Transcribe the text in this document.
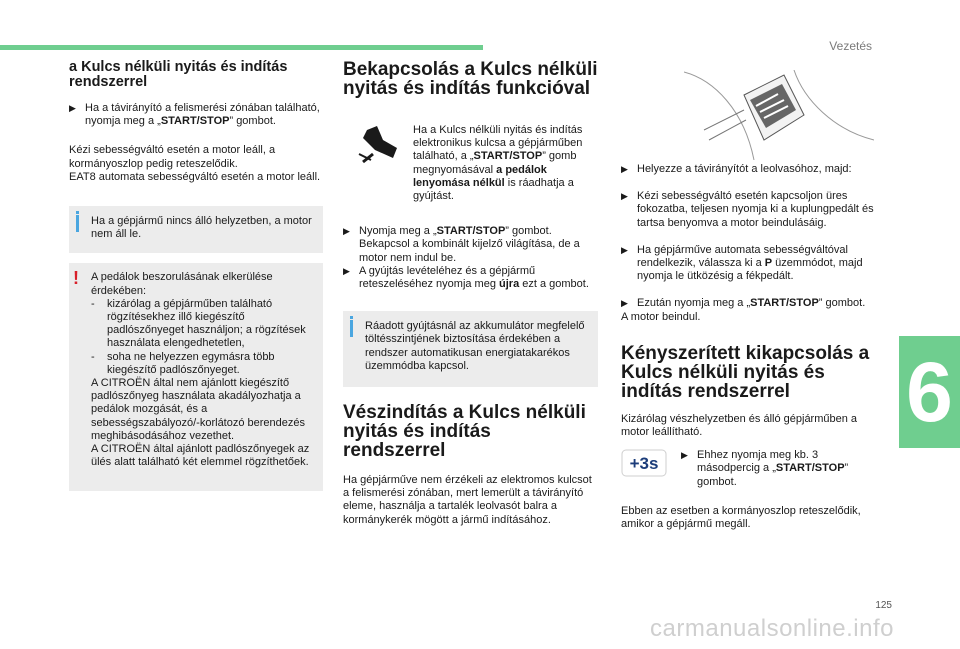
Vezetés
6
a Kulcs nélküli nyitás és indítás rendszerrel
▶ Ha a távirányító a felismerési zónában található, nyomja meg a „START/STOP” gombot.

Kézi sebességváltó esetén a motor leáll, a kormányoszlop pedig reteszelődik.

EAT8 automata sebességváltó esetén a motor leáll.

Ha a gépjármű nincs álló helyzetben, a motor nem áll le.

! A pedálok beszorulásának elkerülése érdekében:

-	kizárólag a gépjárműben található rögzítésekhez illő kiegészítő padlószőnyeget használjon; a rögzítések használata elengedhetetlen,
-	soha ne helyezzen egymásra több kiegészítő padlószőnyeget.

A CITROËN által nem ajánlott kiegészítő padlószőnyeg használata akadályozhatja a pedálok mozgását, és a sebességszabályozó/-korlátozó berendezés meghibásodásához vezethet.

A CITROËN által ajánlott padlószőnyegek az ülés alatt található két elemmel rögzíthetőek.

Bekapcsolás a Kulcs nélküli nyitás és indítás funkcióval

Ha a Kulcs nélküli nyitás és indítás elektronikus kulcsa a gépjárműben található, a „START/STOP” gomb megnyomásával a pedálok lenyomása nélkül is ráadhatja a gyújtást.

▶ Nyomja meg a „START/STOP” gombot. Bekapcsol a kombinált kijelző világítása, de a motor nem indul be.
▶ A gyújtás levételéhez és a gépjármű reteszeléséhez nyomja meg újra ezt a gombot.

Ráadott gyújtásnál az akkumulátor megfelelő töltésszintjének biztosítása érdekében a rendszer automatikusan energiatakarékos üzemmódba kapcsol.

Vészindítás a Kulcs nélküli nyitás és indítás rendszerrel

Ha gépjárműve nem érzékeli az elektromos kulcsot a felismerési zónában, mert lemerült a távirányító eleme, használja a tartalék leolvasót balra a kormánykerék mögött a jármű indításához.

▶ Helyezze a távirányítót a leolvasóhoz, majd:
▶ Kézi sebességváltó esetén kapcsoljon üres fokozatba, teljesen nyomja ki a kuplungpedált és tartsa benyomva a motor beindulásáig.
▶ Ha gépjárműve automata sebességváltóval rendelkezik, válassza ki a P üzemmódot, majd nyomja le ütközésig a fékpedált.
▶ Ezután nyomja meg a „START/STOP” gombot.

A motor beindul.

Kényszerített kikapcsolás a Kulcs nélküli nyitás és indítás rendszerrel

Kizárólag vészhelyzetben és álló gépjárműben a motor leállítható.

+3s	▶ Ehhez nyomja meg kb. 3 másodpercig a „START/STOP” gombot.

Ebben az esetben a kormányoszlop reteszelődik, amikor a gépjármű megáll.

125
carmanualsonline.info
